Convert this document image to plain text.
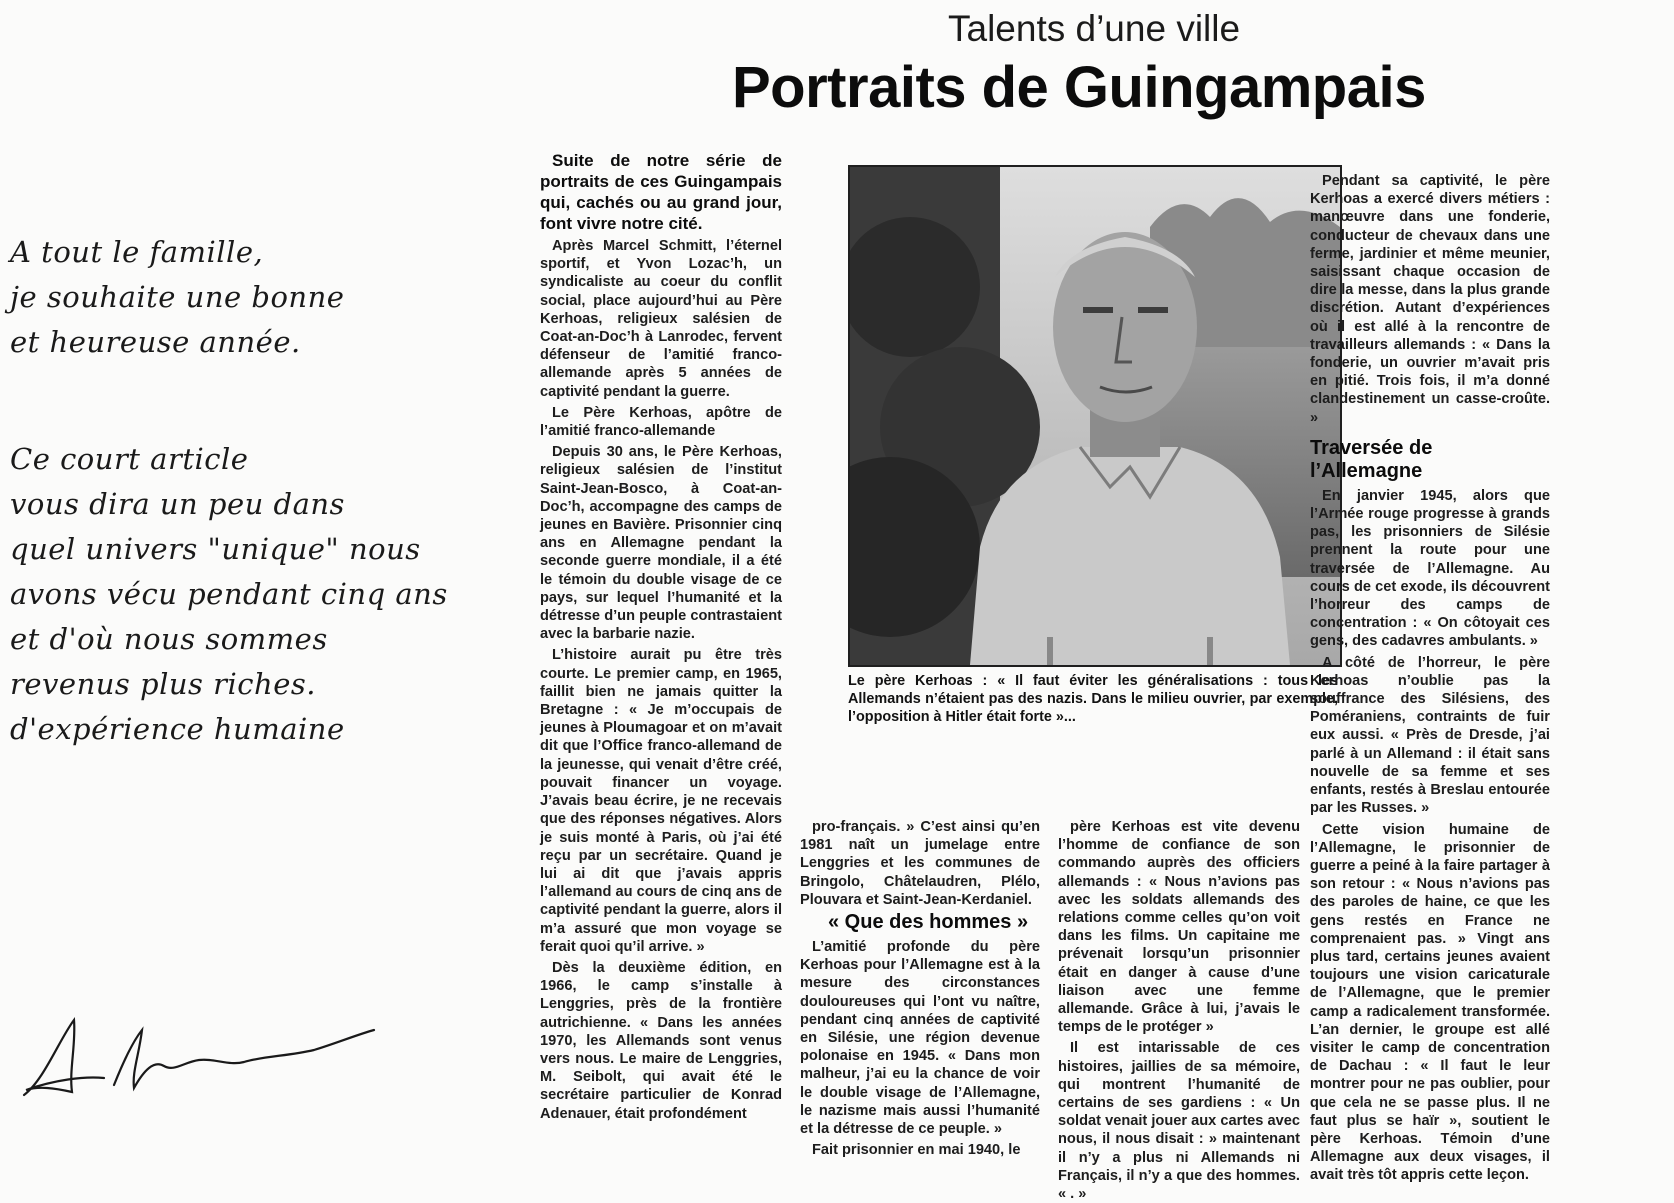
A tout le famille,

je souhaite une bonne

et heureuse année.

Ce court article

vous dira un peu dans

quel univers "unique" nous

avons vécu pendant cinq ans

et d'où nous sommes

revenus plus riches.

d'expérience humaine

Talents d’une ville
Portraits de Guingampais

Suite de notre série de portraits de ces Guingampais qui, cachés ou au grand jour, font vivre notre cité.

Après Marcel Schmitt, l’éternel sportif, et Yvon Lozac’h, un syndicaliste au coeur du conflit social, place aujourd’hui au Père Kerhoas, religieux salésien de Coat-an-Doc’h à Lanrodec, fervent défenseur de l’amitié franco-allemande après 5 années de captivité pendant la guerre.

Le Père Kerhoas, apôtre de l’amitié franco-allemande

Depuis 30 ans, le Père Kerhoas, religieux salésien de l’institut Saint-Jean-Bosco, à Coat-an-Doc’h, accompagne des camps de jeunes en Bavière. Prisonnier cinq ans en Allemagne pendant la seconde guerre mondiale, il a été le témoin du double visage de ce pays, sur lequel l’humanité et la détresse d’un peuple contrastaient avec la barbarie nazie.

L’histoire aurait pu être très courte. Le premier camp, en 1965, faillit bien ne jamais quitter la Bretagne : « Je m’occupais de jeunes à Ploumagoar et on m’avait dit que l’Office franco-allemand de la jeunesse, qui venait d’être créé, pouvait financer un voyage. J’avais beau écrire, je ne recevais que des réponses négatives. Alors je suis monté à Paris, où j’ai été reçu par un secrétaire. Quand je lui ai dit que j’avais appris l’allemand au cours de cinq ans de captivité pendant la guerre, alors il m’a assuré que mon voyage se ferait quoi qu’il arrive. »

Dès la deuxième édition, en 1966, le camp s’installe à Lenggries, près de la frontière autrichienne. « Dans les années 1970, les Allemands sont venus vers nous. Le maire de Lenggries, M. Seibolt, qui avait été le secrétaire particulier de Konrad Adenauer, était profondément

Le père Kerhoas : « Il faut éviter les généralisations : tous les Allemands n’étaient pas des nazis. Dans le milieu ouvrier, par exemple, l’opposition à Hitler était forte »...

pro-français. » C’est ainsi qu’en 1981 naît un jumelage entre Lenggries et les communes de Bringolo, Châtelaudren, Plélo, Plouvara et Saint-Jean-Kerdaniel.

« Que des hommes »

L’amitié profonde du père Kerhoas pour l’Allemagne est à la mesure des circonstances douloureuses qui l’ont vu naître, pendant cinq années de captivité en Silésie, une région devenue polonaise en 1945. « Dans mon malheur, j’ai eu la chance de voir le double visage de l’Allemagne, le nazisme mais aussi l’humanité et la détresse de ce peuple. »

Fait prisonnier en mai 1940, le

père Kerhoas est vite devenu l’homme de confiance de son commando auprès des officiers allemands : « Nous n’avions pas avec les soldats allemands des relations comme celles qu’on voit dans les films. Un capitaine me prévenait lorsqu’un prisonnier était en danger à cause d’une liaison avec une femme allemande. Grâce à lui, j’avais le temps de le protéger »

Il est intarissable de ces histoires, jaillies de sa mémoire, qui montrent l’humanité de certains de ses gardiens : « Un soldat venait jouer aux cartes avec nous, il nous disait : » maintenant il n’y a plus ni Allemands ni Français, il n’y a que des hommes. « . »

Pendant sa captivité, le père Kerhoas a exercé divers métiers : manœuvre dans une fonderie, conducteur de chevaux dans une ferme, jardinier et même meunier, saisissant chaque occasion de dire la messe, dans la plus grande discrétion. Autant d’expériences où il est allé à la rencontre de travailleurs allemands : « Dans la fonderie, un ouvrier m’avait pris en pitié. Trois fois, il m’a donné clandestinement un casse-croûte. »

Traversée de l’Allemagne

En janvier 1945, alors que l’Armée rouge progresse à grands pas, les prisonniers de Silésie prennent la route pour une traversée de l’Allemagne. Au cours de cet exode, ils découvrent l’horreur des camps de concentration : « On côtoyait ces gens, des cadavres ambulants. »

A côté de l’horreur, le père Kerhoas n’oublie pas la souffrance des Silésiens, des Poméraniens, contraints de fuir eux aussi. « Près de Dresde, j’ai parlé à un Allemand : il était sans nouvelle de sa femme et ses enfants, restés à Breslau entourée par les Russes. »

Cette vision humaine de l’Allemagne, le prisonnier de guerre a peiné à la faire partager à son retour : « Nous n’avions pas des paroles de haine, ce que les gens restés en France ne comprenaient pas. » Vingt ans plus tard, certains jeunes avaient toujours une vision caricaturale de l’Allemagne, que le premier camp a radicalement transformée. L’an dernier, le groupe est allé visiter le camp de concentration de Dachau : « Il faut le leur montrer pour ne pas oublier, pour que cela ne se passe plus. Il ne faut plus se haïr », soutient le père Kerhoas. Témoin d’une Allemagne aux deux visages, il avait très tôt appris cette leçon.
